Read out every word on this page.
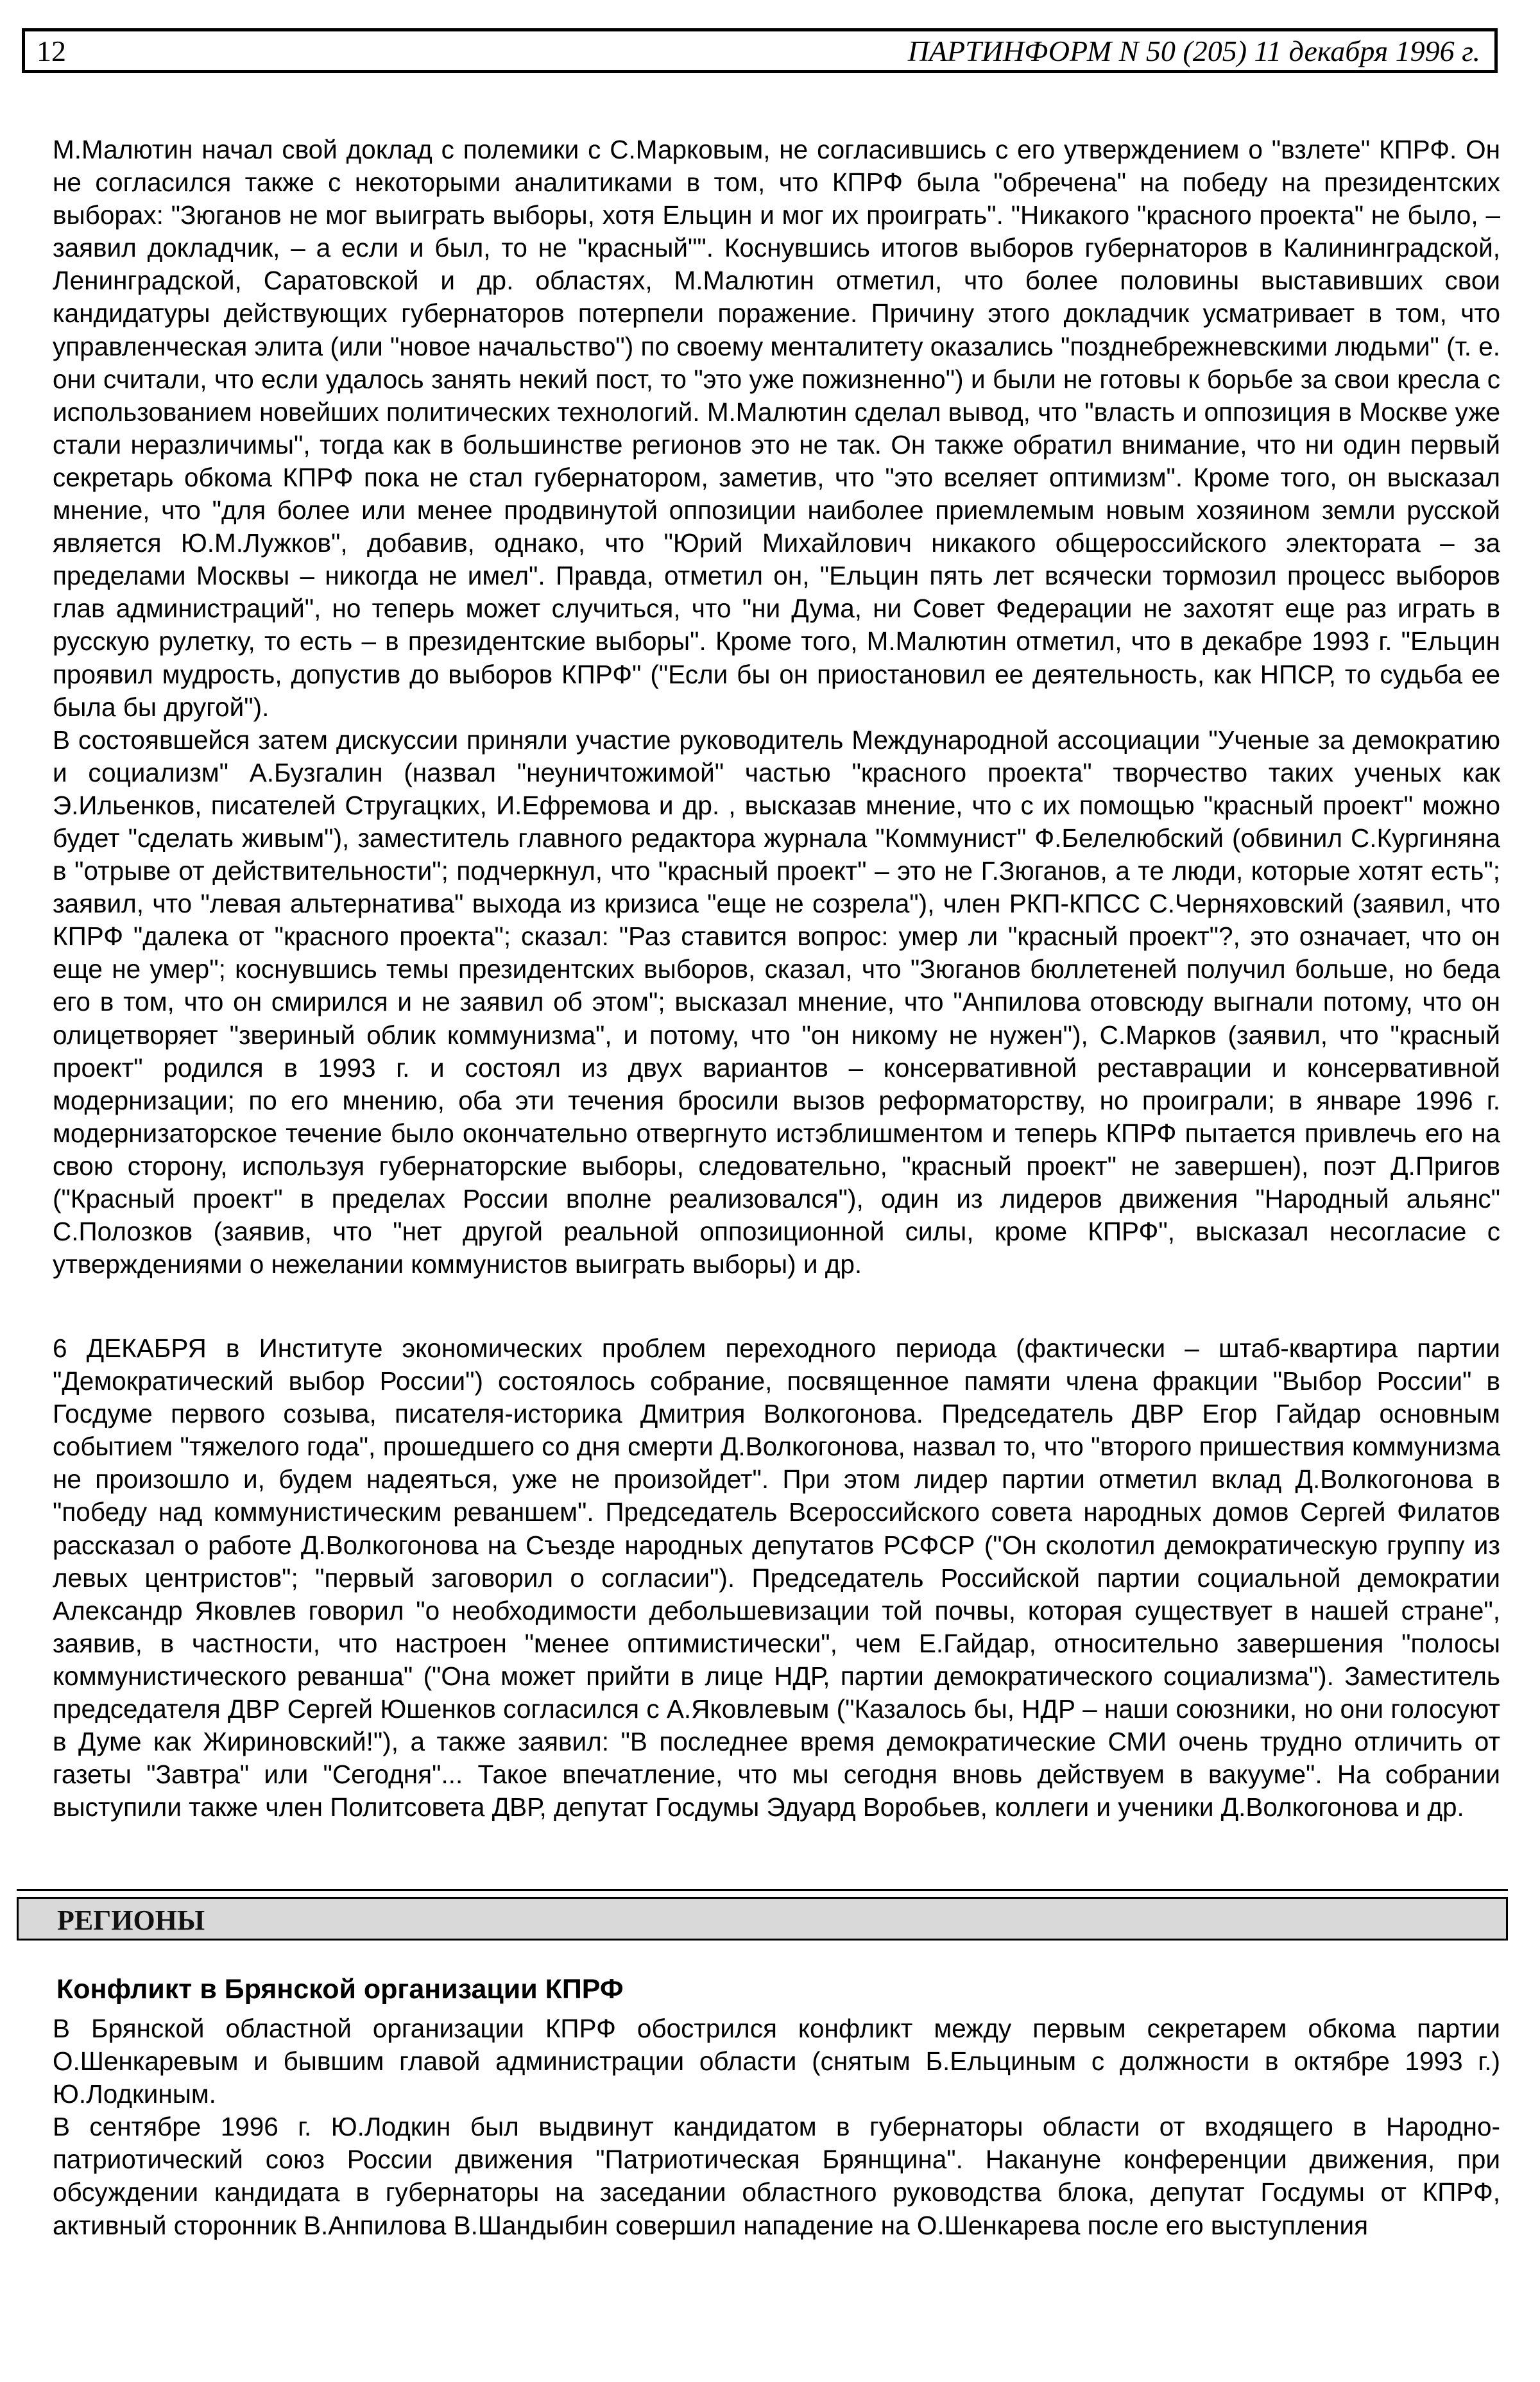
12	ПАРТИНФОРМ N 50 (205) 11 декабря 1996 г.

М.Малютин начал свой доклад с полемики с С.Марковым, не согласившись с его утверждением о "взлете" КПРФ. Он не согласился также с некоторыми аналитиками в том, что КПРФ была "обречена" на победу на президентских выборах: "Зюганов не мог выиграть выборы, хотя Ельцин и мог их проиграть". "Никакого "красного проекта" не было, – заявил докладчик, – а если и был, то не "красный"". Коснувшись итогов выборов губернаторов в Калининградской, Ленинградской, Саратовской и др. областях, М.Малютин отметил, что более половины выставивших свои кандидатуры действующих губернаторов потерпели поражение. Причину этого докладчик усматривает в том, что управленческая элита (или "новое начальство") по своему менталитету оказались "позднебрежневскими людьми" (т. е. они считали, что если удалось занять некий пост, то "это уже пожизненно") и были не готовы к борьбе за свои кресла с использованием новейших политических технологий. М.Малютин сделал вывод, что "власть и оппозиция в Москве уже стали неразличимы", тогда как в большинстве регионов это не так. Он также обратил внимание, что ни один первый секретарь обкома КПРФ пока не стал губернатором, заметив, что "это вселяет оптимизм". Кроме того, он высказал мнение, что "для более или менее продвинутой оппозиции наиболее приемлемым новым хозяином земли русской является Ю.М.Лужков", добавив, однако, что "Юрий Михайлович никакого общероссийского электората – за пределами Москвы – никогда не имел". Правда, отметил он, "Ельцин пять лет всячески тормозил процесс выборов глав администраций", но теперь может случиться, что "ни Дума, ни Совет Федерации не захотят еще раз играть в русскую рулетку, то есть – в президентские выборы". Кроме того, М.Малютин отметил, что в декабре 1993 г. "Ельцин проявил мудрость, допустив до выборов КПРФ" ("Если бы он приостановил ее деятельность, как НПСР, то судьба ее была бы другой").

В состоявшейся затем дискуссии приняли участие руководитель Международной ассоциации "Ученые за демократию и социализм" А.Бузгалин (назвал "неуничтожимой" частью "красного проекта" творчество таких ученых как Э.Ильенков, писателей Стругацких, И.Ефремова и др. , высказав мнение, что с их помощью "красный проект" можно будет "сделать живым"), заместитель главного редактора журнала "Коммунист" Ф.Белелюбский (обвинил С.Кургиняна в "отрыве от действительности"; подчеркнул, что "красный проект" – это не Г.Зюганов, а те люди, которые хотят есть"; заявил, что "левая альтернатива" выхода из кризиса "еще не созрела"), член РКП-КПСС С.Черняховский (заявил, что КПРФ "далека от "красного проекта"; сказал: "Раз ставится вопрос: умер ли "красный проект"?, это означает, что он еще не умер"; коснувшись темы президентских выборов, сказал, что "Зюганов бюллетеней получил больше, но беда его в том, что он смирился и не заявил об этом"; высказал мнение, что "Анпилова отовсюду выгнали потому, что он олицетворяет "звериный облик коммунизма", и потому, что "он никому не нужен"), С.Марков (заявил, что "красный проект" родился в 1993 г. и состоял из двух вариантов – консервативной реставрации и консервативной модернизации; по его мнению, оба эти течения бросили вызов реформаторству, но проиграли; в январе 1996 г. модернизаторское течение было окончательно отвергнуто истэблишментом и теперь КПРФ пытается привлечь его на свою сторону, используя губернаторские выборы, следовательно, "красный проект" не завершен), поэт Д.Пригов ("Красный проект" в пределах России вполне реализовался"), один из лидеров движения "Народный альянс" С.Полозков (заявив, что "нет другой реальной оппозиционной силы, кроме КПРФ", высказал несогласие с утверждениями о нежелании коммунистов выиграть выборы) и др.

6 ДЕКАБРЯ в Институте экономических проблем переходного периода (фактически – штаб-квартира партии "Демократический выбор России") состоялось собрание, посвященное памяти члена фракции "Выбор России" в Госдуме первого созыва, писателя-историка Дмитрия Волкогонова. Председатель ДВР Егор Гайдар основным событием "тяжелого года", прошедшего со дня смерти Д.Волкогонова, назвал то, что "второго пришествия коммунизма не произошло и, будем надеяться, уже не произойдет". При этом лидер партии отметил вклад Д.Волкогонова в "победу над коммунистическим реваншем". Председатель Всероссийского совета народных домов Сергей Филатов рассказал о работе Д.Волкогонова на Съезде народных депутатов РСФСР ("Он сколотил демократическую группу из левых центристов"; "первый заговорил о согласии"). Председатель Российской партии социальной демократии Александр Яковлев говорил "о необходимости дебольшевизации той почвы, которая существует в нашей стране", заявив, в частности, что настроен "менее оптимистически", чем Е.Гайдар, относительно завершения "полосы коммунистического реванша" ("Она может прийти в лице НДР, партии демократического социализма"). Заместитель председателя ДВР Сергей Юшенков согласился с А.Яковлевым ("Казалось бы, НДР – наши союзники, но они голосуют в Думе как Жириновский!"), а также заявил: "В последнее время демократические СМИ очень трудно отличить от газеты "Завтра" или "Сегодня"... Такое впечатление, что мы сегодня вновь действуем в вакууме". На собрании выступили также член Политсовета ДВР, депутат Госдумы Эдуард Воробьев, коллеги и ученики Д.Волкогонова и др.

РЕГИОНЫ
Конфликт в Брянской организации КПРФ

В Брянской областной организации КПРФ обострился конфликт между первым секретарем обкома партии О.Шенкаревым и бывшим главой администрации области (снятым Б.Ельциным с должности в октябре 1993 г.) Ю.Лодкиным.

В сентябре 1996 г. Ю.Лодкин был выдвинут кандидатом в губернаторы области от входящего в Народно-патриотический союз России движения "Патриотическая Брянщина". Накануне конференции движения, при обсуждении кандидата в губернаторы на заседании областного руководства блока, депутат Госдумы от КПРФ, активный сторонник В.Анпилова В.Шандыбин совершил нападение на О.Шенкарева после его выступления
